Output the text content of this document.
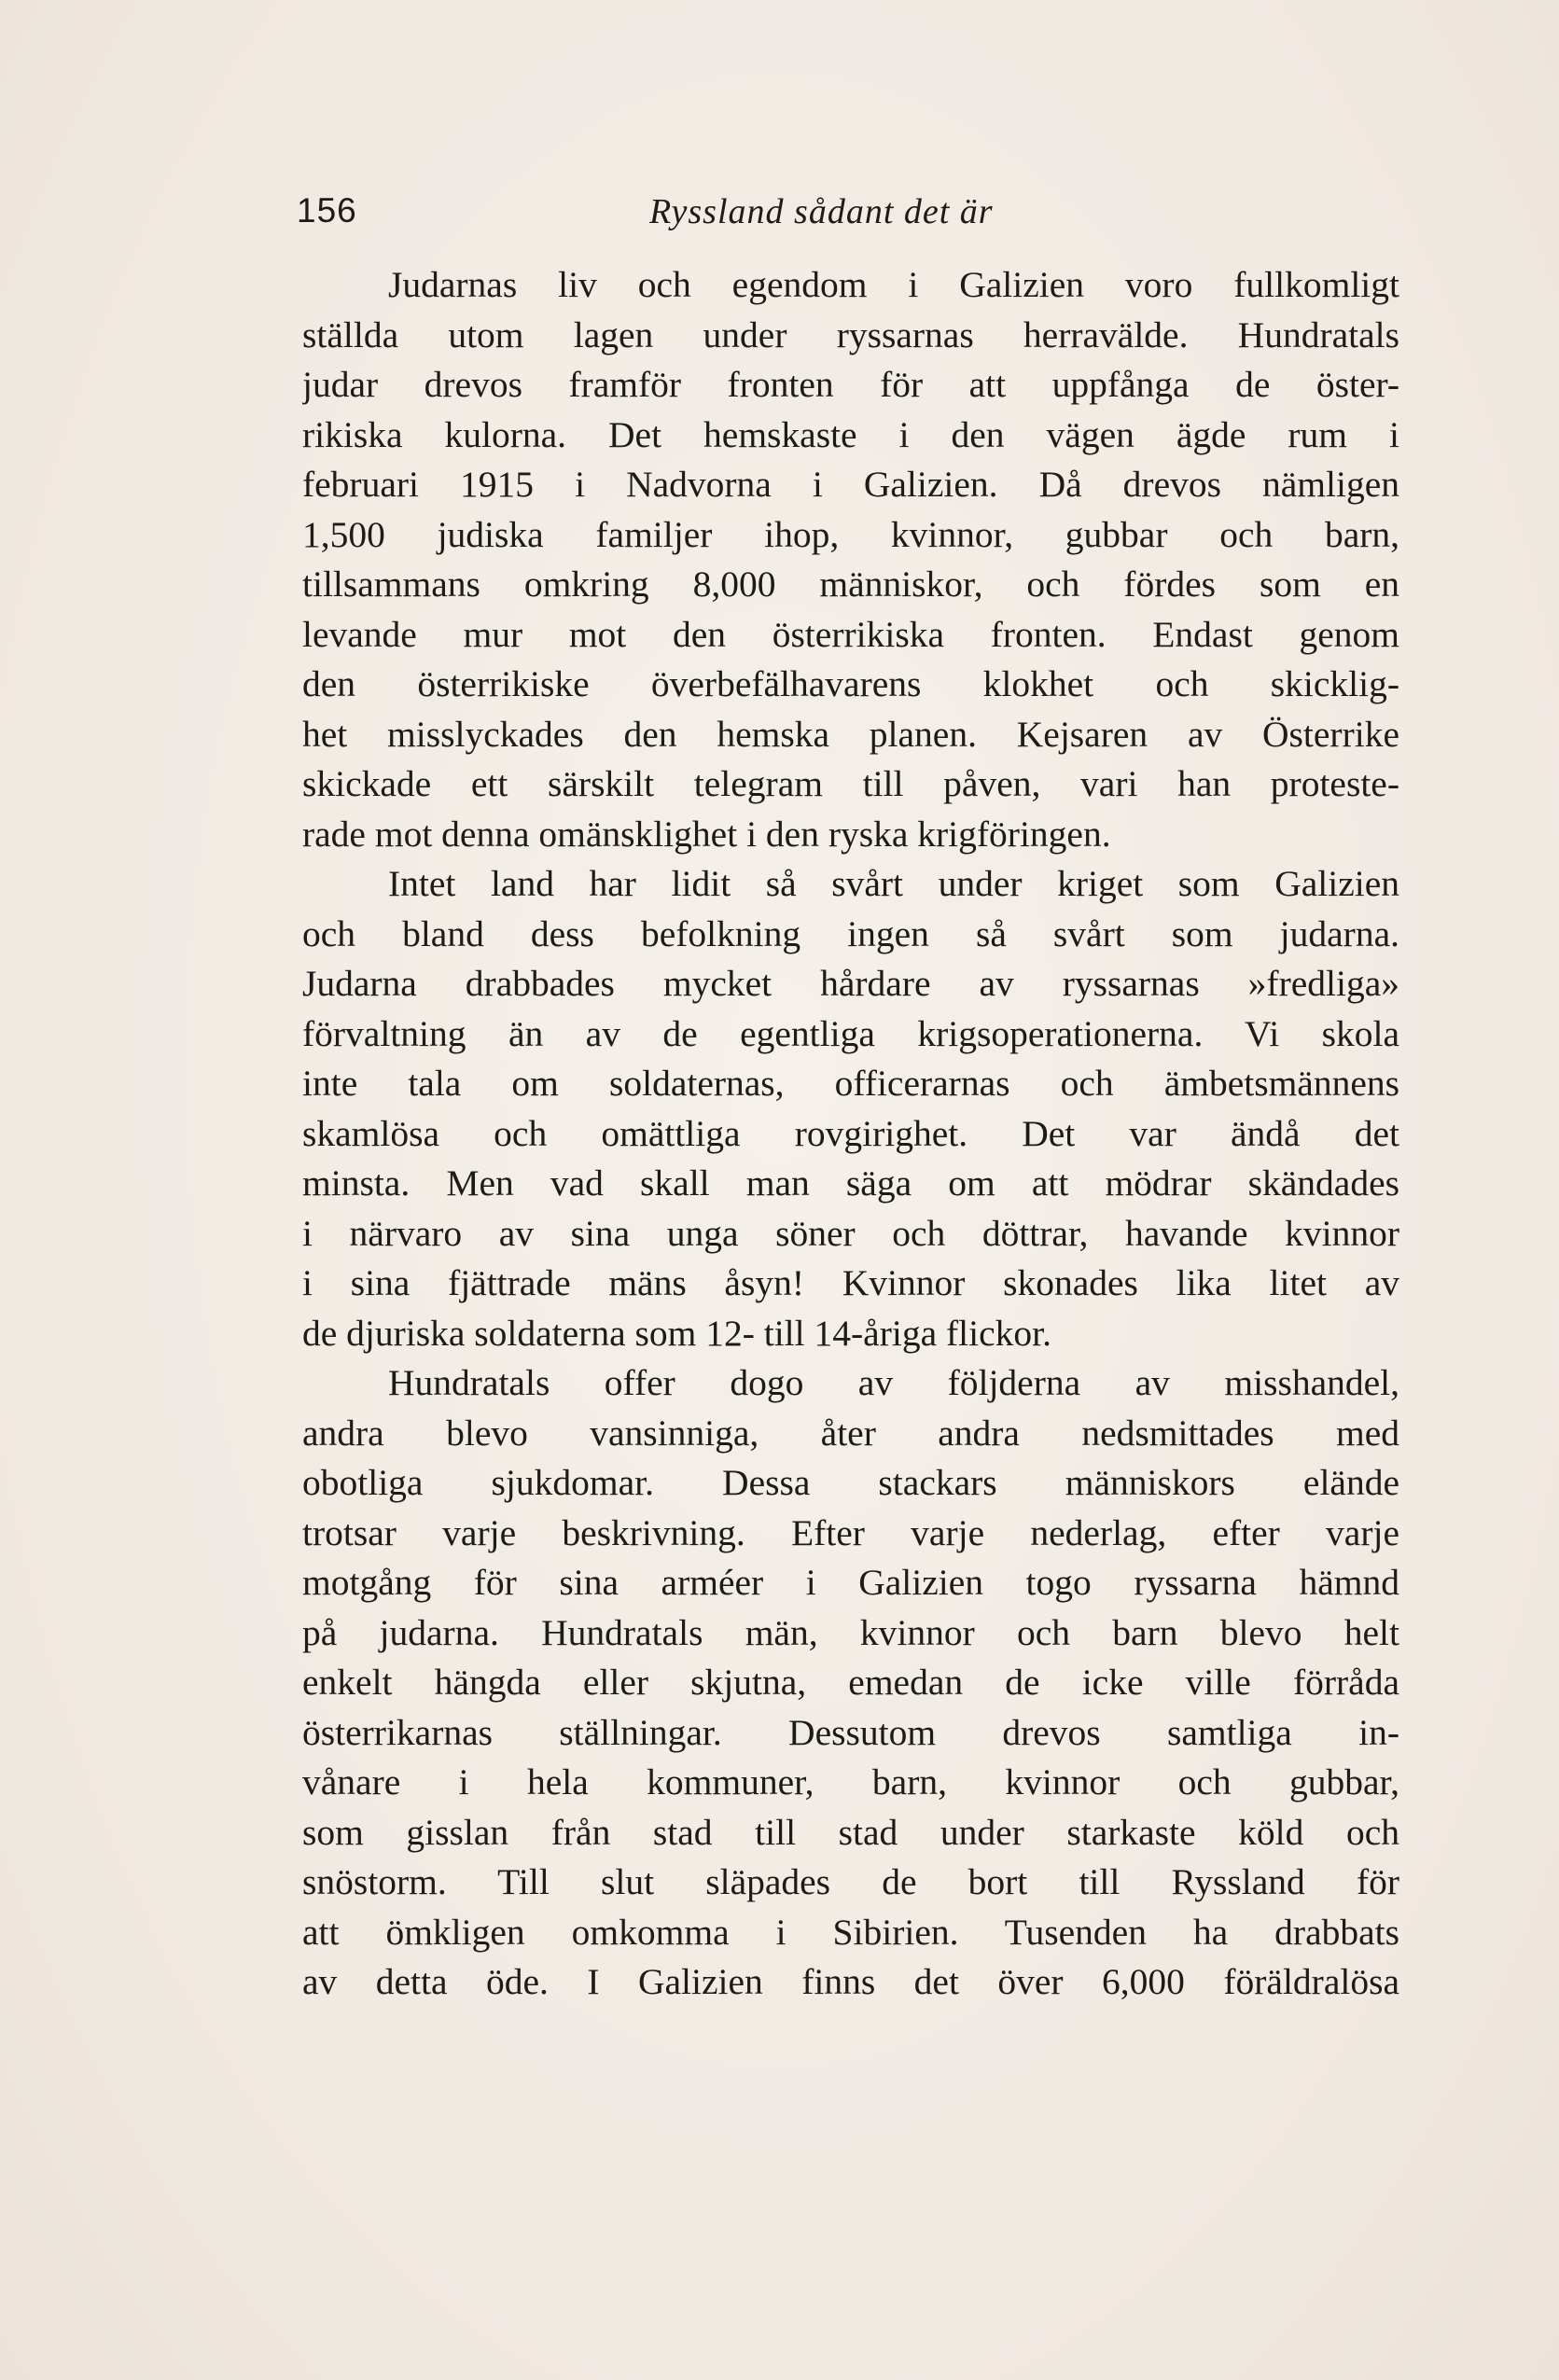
156	Ryssland sådant det är
Judarnas liv och egendom i Galizien voro fullkomligt
ställda utom lagen under ryssarnas herravälde. Hundratals
judar drevos framför fronten för att uppfånga de öster-
rikiska kulorna. Det hemskaste i den vägen ägde rum i
februari 1915 i Nadvorna i Galizien. Då drevos nämligen
1,500 judiska familjer ihop, kvinnor, gubbar och barn,
tillsammans omkring 8,000 människor, och fördes som en
levande mur mot den österrikiska fronten. Endast genom
den österrikiske överbefälhavarens klokhet och skicklig-
het misslyckades den hemska planen. Kejsaren av Österrike
skickade ett särskilt telegram till påven, vari han proteste-
rade mot denna omänsklighet i den ryska krigföringen.
Intet land har lidit så svårt under kriget som Galizien
och bland dess befolkning ingen så svårt som judarna.
Judarna drabbades mycket hårdare av ryssarnas »fredliga»
förvaltning än av de egentliga krigsoperationerna. Vi skola
inte tala om soldaternas, officerarnas och ämbetsmännens
skamlösa och omättliga rovgirighet. Det var ändå det
minsta. Men vad skall man säga om att mödrar skändades
i närvaro av sina unga söner och döttrar, havande kvinnor
i sina fjättrade mäns åsyn! Kvinnor skonades lika litet av
de djuriska soldaterna som 12- till 14-åriga flickor.
Hundratals offer dogo av följderna av misshandel,
andra blevo vansinniga, åter andra nedsmittades med
obotliga sjukdomar. Dessa stackars människors elände
trotsar varje beskrivning. Efter varje nederlag, efter varje
motgång för sina arméer i Galizien togo ryssarna hämnd
på judarna. Hundratals män, kvinnor och barn blevo helt
enkelt hängda eller skjutna, emedan de icke ville förråda
österrikarnas ställningar. Dessutom drevos samtliga in-
vånare i hela kommuner, barn, kvinnor och gubbar,
som gisslan från stad till stad under starkaste köld och
snöstorm. Till slut släpades de bort till Ryssland för
att ömkligen omkomma i Sibirien. Tusenden ha drabbats
av detta öde. I Galizien finns det över 6,000 föräldralösa
